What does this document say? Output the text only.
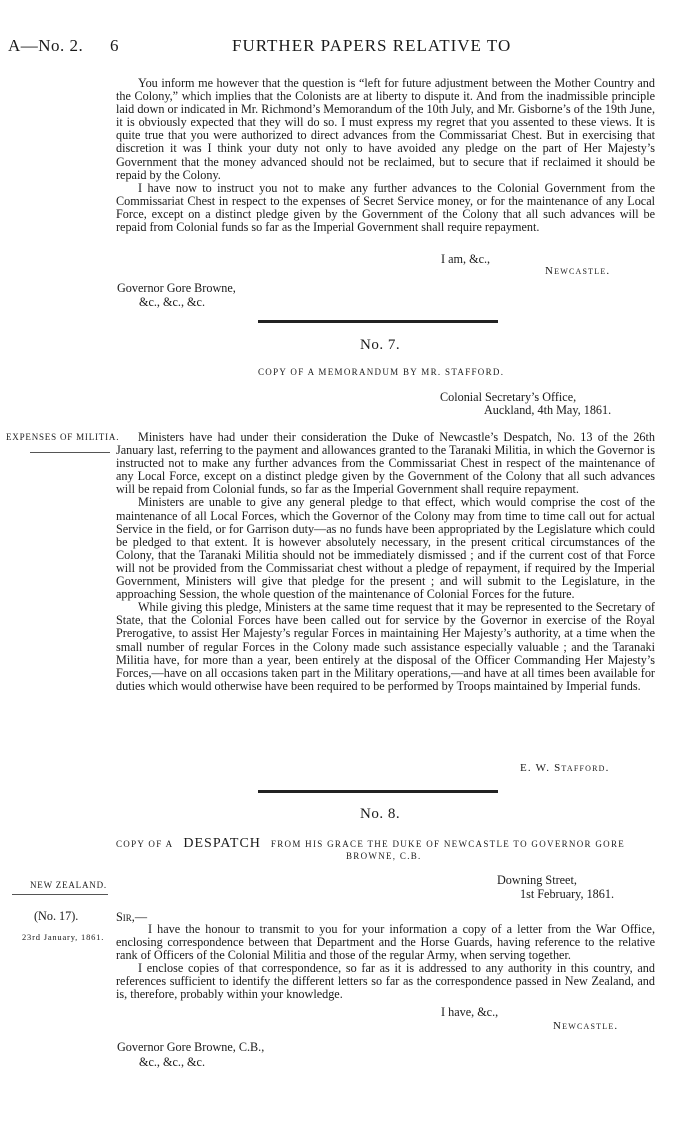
A—No. 2. 6	FURTHER PAPERS RELATIVE TO

You inform me however that the question is “left for future adjustment between the Mother Country and the Colony,” which implies that the Colonists are at liberty to dispute it. And from the inadmissible principle laid down or indicated in Mr. Richmond’s Memorandum of the 10th July, and Mr. Gisborne’s of the 19th June, it is obviously expected that they will do so. I must express my regret that you assented to these views. It is quite true that you were authorized to direct advances from the Commissariat Chest. But in exercising that discretion it was I think your duty not only to have avoided any pledge on the part of Her Majesty’s Government that the money advanced should not be reclaimed, but to secure that if reclaimed it should be repaid by the Colony.

I have now to instruct you not to make any further advances to the Colonial Government from the Commissariat Chest in respect to the expenses of Secret Service money, or for the maintenance of any Local Force, except on a distinct pledge given by the Government of the Colony that all such advances will be repaid from Colonial funds so far as the Imperial Government shall require repayment.

I am, &c.,
Newcastle.
Governor Gore Browne,
&c., &c., &c.
No. 7.
COPY OF A MEMORANDUM BY MR. STAFFORD.
Colonial Secretary’s Office,
Auckland, 4th May, 1861.
EXPENSES OF MILITIA.	Ministers have had under their consideration the Duke of Newcastle’s Despatch, No. 13 of the 26th January last, referring to the payment and allowances granted to the Taranaki Militia, in which the Governor is instructed not to make any further advances from the Commissariat Chest in respect of the maintenance of any Local Force, except on a distinct pledge given by the Government of the Colony that all such advances will be repaid from Colonial funds, so far as the Imperial Government shall require repayment.

Ministers are unable to give any general pledge to that effect, which would comprise the cost of the maintenance of all Local Forces, which the Governor of the Colony may from time to time call out for actual Service in the field, or for Garrison duty—as no funds have been appropriated by the Legislature which could be pledged to that extent. It is however absolutely necessary, in the present critical circumstances of the Colony, that the Taranaki Militia should not be immediately dismissed ; and if the current cost of that Force will not be provided from the Commissariat chest without a pledge of repayment, if required by the Imperial Government, Ministers will give that pledge for the present ; and will submit to the Legislature, in the approaching Session, the whole question of the maintenance of Colonial Forces for the future.

While giving this pledge, Ministers at the same time request that it may be represented to the Secretary of State, that the Colonial Forces have been called out for service by the Governor in exercise of the Royal Prerogative, to assist Her Majesty’s regular Forces in maintaining Her Majesty’s authority, at a time when the small number of regular Forces in the Colony made such assistance especially valuable ; and the Taranaki Militia have, for more than a year, been entirely at the disposal of the Officer Commanding Her Majesty’s Forces,—have on all occasions taken part in the Military operations,—and have at all times been available for duties which would otherwise have been required to be performed by Troops maintained by Imperial funds.

E. W. Stafford.
No. 8.
COPY OF A DESPATCH FROM HIS GRACE THE DUKE OF NEWCASTLE TO GOVERNOR GORE
BROWNE, C.B.
Downing Street,
1st February, 1861.
NEW ZEALAND.
(No. 17).
23rd January, 1861.
Sir,—

I have the honour to transmit to you for your information a copy of a letter from the War Office, enclosing correspondence between that Department and the Horse Guards, having reference to the relative rank of Officers of the Colonial Militia and those of the regular Army, when serving together.

I enclose copies of that correspondence, so far as it is addressed to any authority in this country, and references sufficient to identify the different letters so far as the correspondence passed in New Zealand, and is, therefore, probably within your knowledge.

I have, &c.,
Newcastle.
Governor Gore Browne, C.B.,
&c., &c., &c.
